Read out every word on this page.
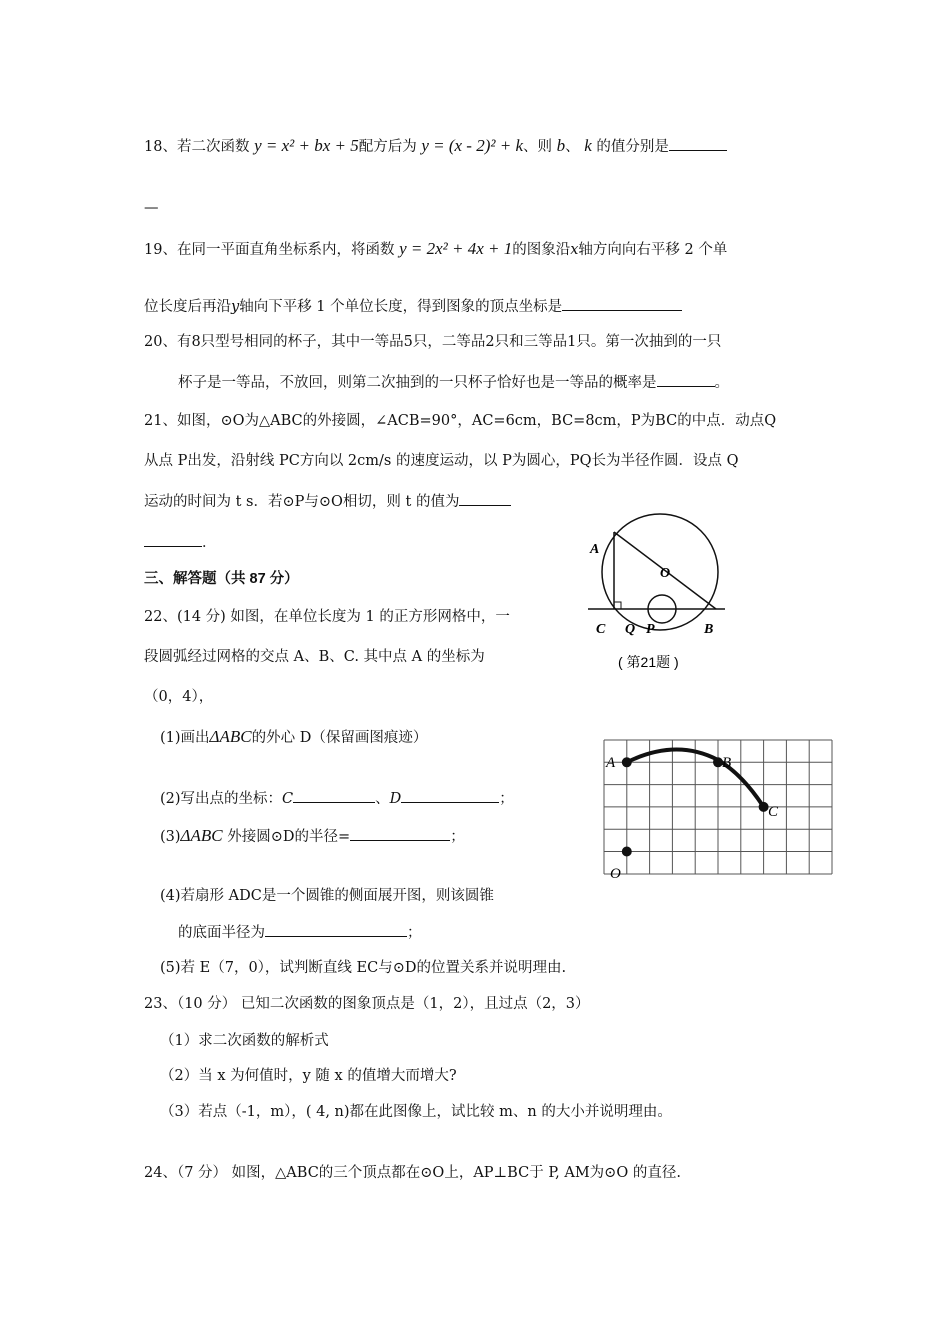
18、若二次函数 y = x² + bx + 5配方后为 y = (x - 2)² + k、则 b、 k 的值分别是
—
19、在同一平面直角坐标系内，将函数 y = 2x² + 4x + 1的图象沿x轴方向向右平移 2 个单
位长度后再沿y轴向下平移 1 个单位长度，得到图象的顶点坐标是
20、有8只型号相同的杯子，其中一等品5只，二等品2只和三等品1只。第一次抽到的一只
杯子是一等品，不放回，则第二次抽到的一只杯子恰好也是一等品的概率是	。
21、如图，⊙O为△ABC的外接圆，∠ACB=90°，AC=6cm，BC=8cm，P为BC的中点．动点Q
从点 P出发，沿射线 PC方向以 2cm/s 的速度运动，以 P为圆心，PQ长为半径作圆．设点 Q
运动的时间为 t s．若⊙P与⊙O相切，则 t 的值为
．	A
O
C Q P	B
( 第21题 )
三、解答题（共 87 分）
22、(14 分) 如图，在单位长度为 1 的正方形网格中，一
段圆弧经过网格的交点 A、B、C. 其中点 A 的坐标为
（0，4），
(1)画出ΔABC的外心 D（保留画图痕迹）
(2)写出点的坐标：C	、D	；
(3)ΔABC 外接圆⊙D的半径=	；
(4)若扇形 ADC是一个圆锥的侧面展开图，则该圆锥
的底面半径为	；
(5)若 E（7，0），试判断直线 EC与⊙D的位置关系并说明理由.
A	B
C
O
23、（10 分） 已知二次函数的图象顶点是（1，2），且过点（2，3）
（1）求二次函数的解析式
（2）当 x 为何值时，y 随 x 的值增大而增大?
（3）若点（-1，m），( 4, n)都在此图像上，试比较 m、n 的大小并说明理由。
24、（7 分） 如图，△ABC的三个顶点都在⊙O上，AP⊥BC于 P, AM为⊙O 的直径.
